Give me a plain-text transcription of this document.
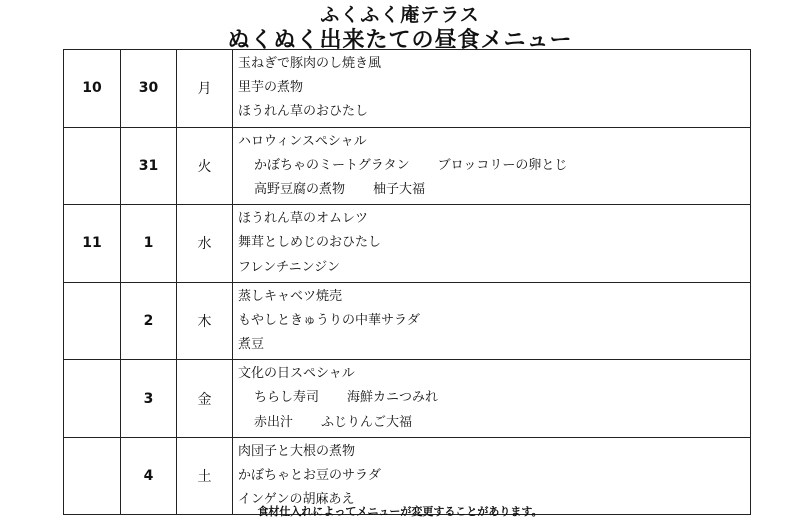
ふくふく庵テラス
ぬくぬく出来たての昼食メニュー
10	30	月	玉ねぎで豚肉のし焼き風
里芋の煮物
ほうれん草のおひたし

	31	火	ハロウィンスペシャル
かぼちゃのミートグラタン ブロッコリーの卵とじ
高野豆腐の煮物 柚子大福

11	1	水	ほうれん草のオムレツ
舞茸としめじのおひたし
フレンチニンジン

	2	木	蒸しキャベツ焼売
もやしときゅうりの中華サラダ
煮豆

	3	金	文化の日スペシャル
ちらし寿司 海鮮カニつみれ
赤出汁 ふじりんご大福

	4	土	肉団子と大根の煮物
かぼちゃとお豆のサラダ
インゲンの胡麻あえ
食材仕入れによってメニューが変更することがあります。
